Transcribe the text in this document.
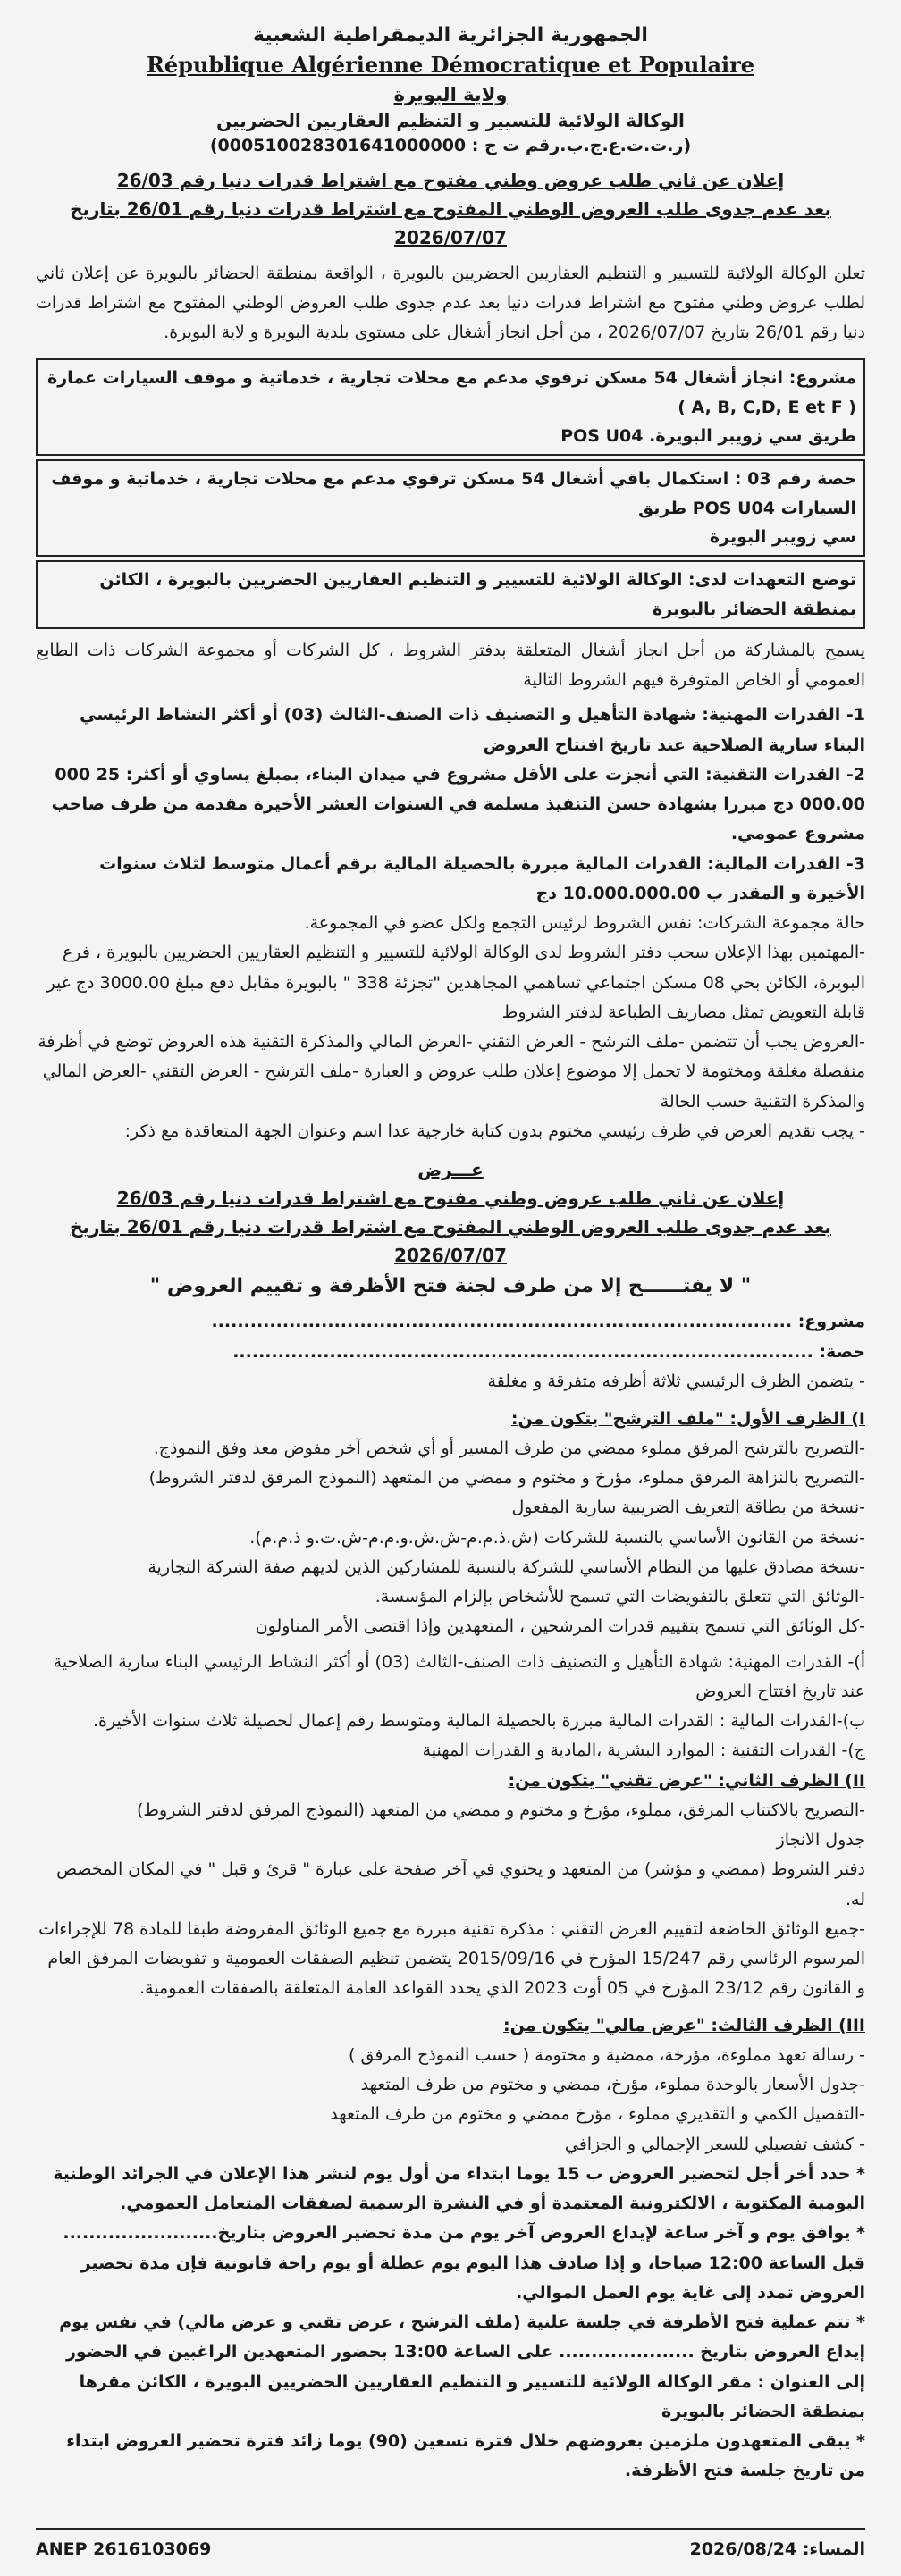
الجمهورية الجزائرية الديمقراطية الشعبية
République Algérienne Démocratique et Populaire
ولاية البويرة
الوكالة الولائية للتسيير و التنظيم العقاريين الحضريين
(ر.ت.ت.ع.ج.ب.رقم ت ج : 000510028301641000000)
إعلان عن ثاني طلب عروض وطني مفتوح مع اشتراط قدرات دنيا رقم 26/03
بعد عدم جدوى طلب العروض الوطني المفتوح مع اشتراط قدرات دنيا رقم 26/01 بتاريخ 2026/07/07

تعلن الوكالة الولائية للتسيير و التنظيم العقاريين الحضريين بالبويرة ، الواقعة بمنطقة الحضائر بالبويرة عن إعلان ثاني لطلب عروض وطني مفتوح مع اشتراط قدرات دنيا بعد عدم جدوى طلب العروض الوطني المفتوح مع اشتراط قدرات دنيا رقم 26/01 بتاريخ 2026/07/07 ، من أجل انجاز أشغال على مستوى بلدية البويرة و لاية البويرة.

مشروع: انجاز أشغال 54 مسكن ترقوي مدعم مع محلات تجارية ، خدماتية و موقف السيارات عمارة ( A, B, C,D, E et F )
طريق سي زويبر البويرة. POS U04
حصة رقم 03 : استكمال باقي أشغال 54 مسكن ترقوي مدعم مع محلات تجارية ، خدماتية و موقف السيارات POS U04 طريق
سي زويبر البويرة
توضع التعهدات لدى: الوكالة الولائية للتسيير و التنظيم العقاريين الحضريين بالبويرة ، الكائن بمنطقة الحضائر بالبويرة

يسمح بالمشاركة من أجل انجاز أشغال المتعلقة بدفتر الشروط ، كل الشركات أو مجموعة الشركات ذات الطابع العمومي أو الخاص المتوفرة فيهم الشروط التالية

1- القدرات المهنية: شهادة التأهيل و التصنيف ذات الصنف-الثالث (03) أو أكثر النشاط الرئيسي البناء سارية الصلاحية عند تاريخ افتتاح العروض

2- القدرات التقنية: التي أنجزت على الأقل مشروع في ميدان البناء، بمبلغ يساوي أو أكثر: 25 000 000.00 دج مبررا بشهادة حسن التنفيذ مسلمة في السنوات العشر الأخيرة مقدمة من طرف صاحب مشروع عمومي.

3- القدرات المالية: القدرات المالية مبررة بالحصيلة المالية برقم أعمال متوسط لثلاث سنوات الأخيرة و المقدر ب 10.000.000.00 دج

حالة مجموعة الشركات: نفس الشروط لرئيس التجمع ولكل عضو في المجموعة.

-المهتمين بهذا الإعلان سحب دفتر الشروط لدى الوكالة الولائية للتسيير و التنظيم العقاريين الحضريين بالبويرة ، فرع البويرة، الكائن بحي 08 مسكن اجتماعي تساهمي المجاهدين "تجزئة 338 " بالبويرة مقابل دفع مبلغ 3000.00 دج غير قابلة التعويض تمثل مصاريف الطباعة لدفتر الشروط

-العروض يجب أن تتضمن -ملف الترشح - العرض التقني -العرض المالي والمذكرة التقنية هذه العروض توضع في أظرفة منفصلة مغلقة ومختومة لا تحمل إلا موضوع إعلان طلب عروض و العبارة -ملف الترشح - العرض التقني -العرض المالي والمذكرة التقنية حسب الحالة

- يجب تقديم العرض في ظرف رئيسي مختوم بدون كتابة خارجية عدا اسم وعنوان الجهة المتعاقدة مع ذكر:

عـــرض
إعلان عن ثاني طلب عروض وطني مفتوح مع اشتراط قدرات دنيا رقم 26/03
بعد عدم جدوى طلب العروض الوطني المفتوح مع اشتراط قدرات دنيا رقم 26/01 بتاريخ 2026/07/07
" لا يفتــــــح إلا من طرف لجنة فتح الأظرفة و تقييم العروض "
مشروع: ..........................................................................................
حصة: ..........................................................................................

- يتضمن الظرف الرئيسي ثلاثة أظرفه متفرقة و مغلقة

I) الظرف الأول: "ملف الترشح" يتكون من:

-التصريح بالترشح المرفق مملوء ممضي من طرف المسير أو أي شخص آخر مفوض معد وفق النموذج.

-التصريح بالنزاهة المرفق مملوء، مؤرخ و مختوم و ممضي من المتعهد (النموذج المرفق لدفتر الشروط)

-نسخة من بطاقة التعريف الضريبية سارية المفعول

-نسخة من القانون الأساسي بالنسبة للشركات (ش.ذ.م.م-ش.ش.و.م.م-ش.ت.و ذ.م.م).

-نسخة مصادق عليها من النظام الأساسي للشركة بالنسبة للمشاركين الذين لديهم صفة الشركة التجارية

-الوثائق التي تتعلق بالتفويضات التي تسمح للأشخاص بإلزام المؤسسة.

-كل الوثائق التي تسمح بتقييم قدرات المرشحين ، المتعهدين وإذا اقتضى الأمر المناولون

أ)- القدرات المهنية: شهادة التأهيل و التصنيف ذات الصنف-الثالث (03) أو أكثر النشاط الرئيسي البناء سارية الصلاحية عند تاريخ افتتاح العروض

ب)-القدرات المالية : القدرات المالية مبررة بالحصيلة المالية ومتوسط رقم إعمال لحصيلة ثلاث سنوات الأخيرة.

ج)- القدرات التقنية : الموارد البشرية ،المادية و القدرات المهنية

II) الظرف الثاني: "عرض تقني" يتكون من:

-التصريح بالاكتتاب المرفق، مملوء، مؤرخ و مختوم و ممضي من المتعهد (النموذج المرفق لدفتر الشروط)

جدول الانجاز

دفتر الشروط (ممضي و مؤشر) من المتعهد و يحتوي في آخر صفحة على عبارة " قرئ و قبل " في المكان المخصص له.

-جميع الوثائق الخاضعة لتقييم العرض التقني : مذكرة تقنية مبررة مع جميع الوثائق المفروضة طبقا للمادة 78 للإجراءات المرسوم الرئاسي رقم 15/247 المؤرخ في 2015/09/16 يتضمن تنظيم الصفقات العمومية و تفويضات المرفق العام و القانون رقم 23/12 المؤرخ في 05 أوت 2023 الذي يحدد القواعد العامة المتعلقة بالصفقات العمومية.

III) الظرف الثالث: "عرض مالي" يتكون من:

- رسالة تعهد مملوءة، مؤرخة، ممضية و مختومة ( حسب النموذج المرفق )

-جدول الأسعار بالوحدة مملوء، مؤرخ، ممضي و مختوم من طرف المتعهد

-التفصيل الكمي و التقديري مملوء ، مؤرخ ممضي و مختوم من طرف المتعهد

- كشف تفصيلي للسعر الإجمالي و الجزافي

* حدد أخر أجل لتحضير العروض ب 15 يوما ابتداء من أول يوم لنشر هذا الإعلان في الجرائد الوطنية اليومية المكتوبة ، الالكترونية المعتمدة أو في النشرة الرسمية لصفقات المتعامل العمومي.

* يوافق يوم و آخر ساعة لإيداع العروض آخر يوم من مدة تحضير العروض بتاريخ........................ قبل الساعة 12:00 صباحا، و إذا صادف هذا اليوم يوم عطلة أو يوم راحة قانونية فإن مدة تحضير العروض تمدد إلى غاية يوم العمل الموالي.

* تتم عملية فتح الأظرفة في جلسة علنية (ملف الترشح ، عرض تقني و عرض مالي) في نفس يوم إيداع العروض بتاريخ ..................... على الساعة 13:00 بحضور المتعهدين الراغبين في الحضور إلى العنوان : مقر الوكالة الولائية للتسيير و التنظيم العقاريين الحضريين البويرة ، الكائن مقرها بمنطقة الحضائر بالبويرة

* يبقى المتعهدون ملزمين بعروضهم خلال فترة تسعين (90) يوما زائد فترة تحضير العروض ابتداء من تاريخ جلسة فتح الأظرفة.

ANEP 2616103069	2026/08/24 :المساء
